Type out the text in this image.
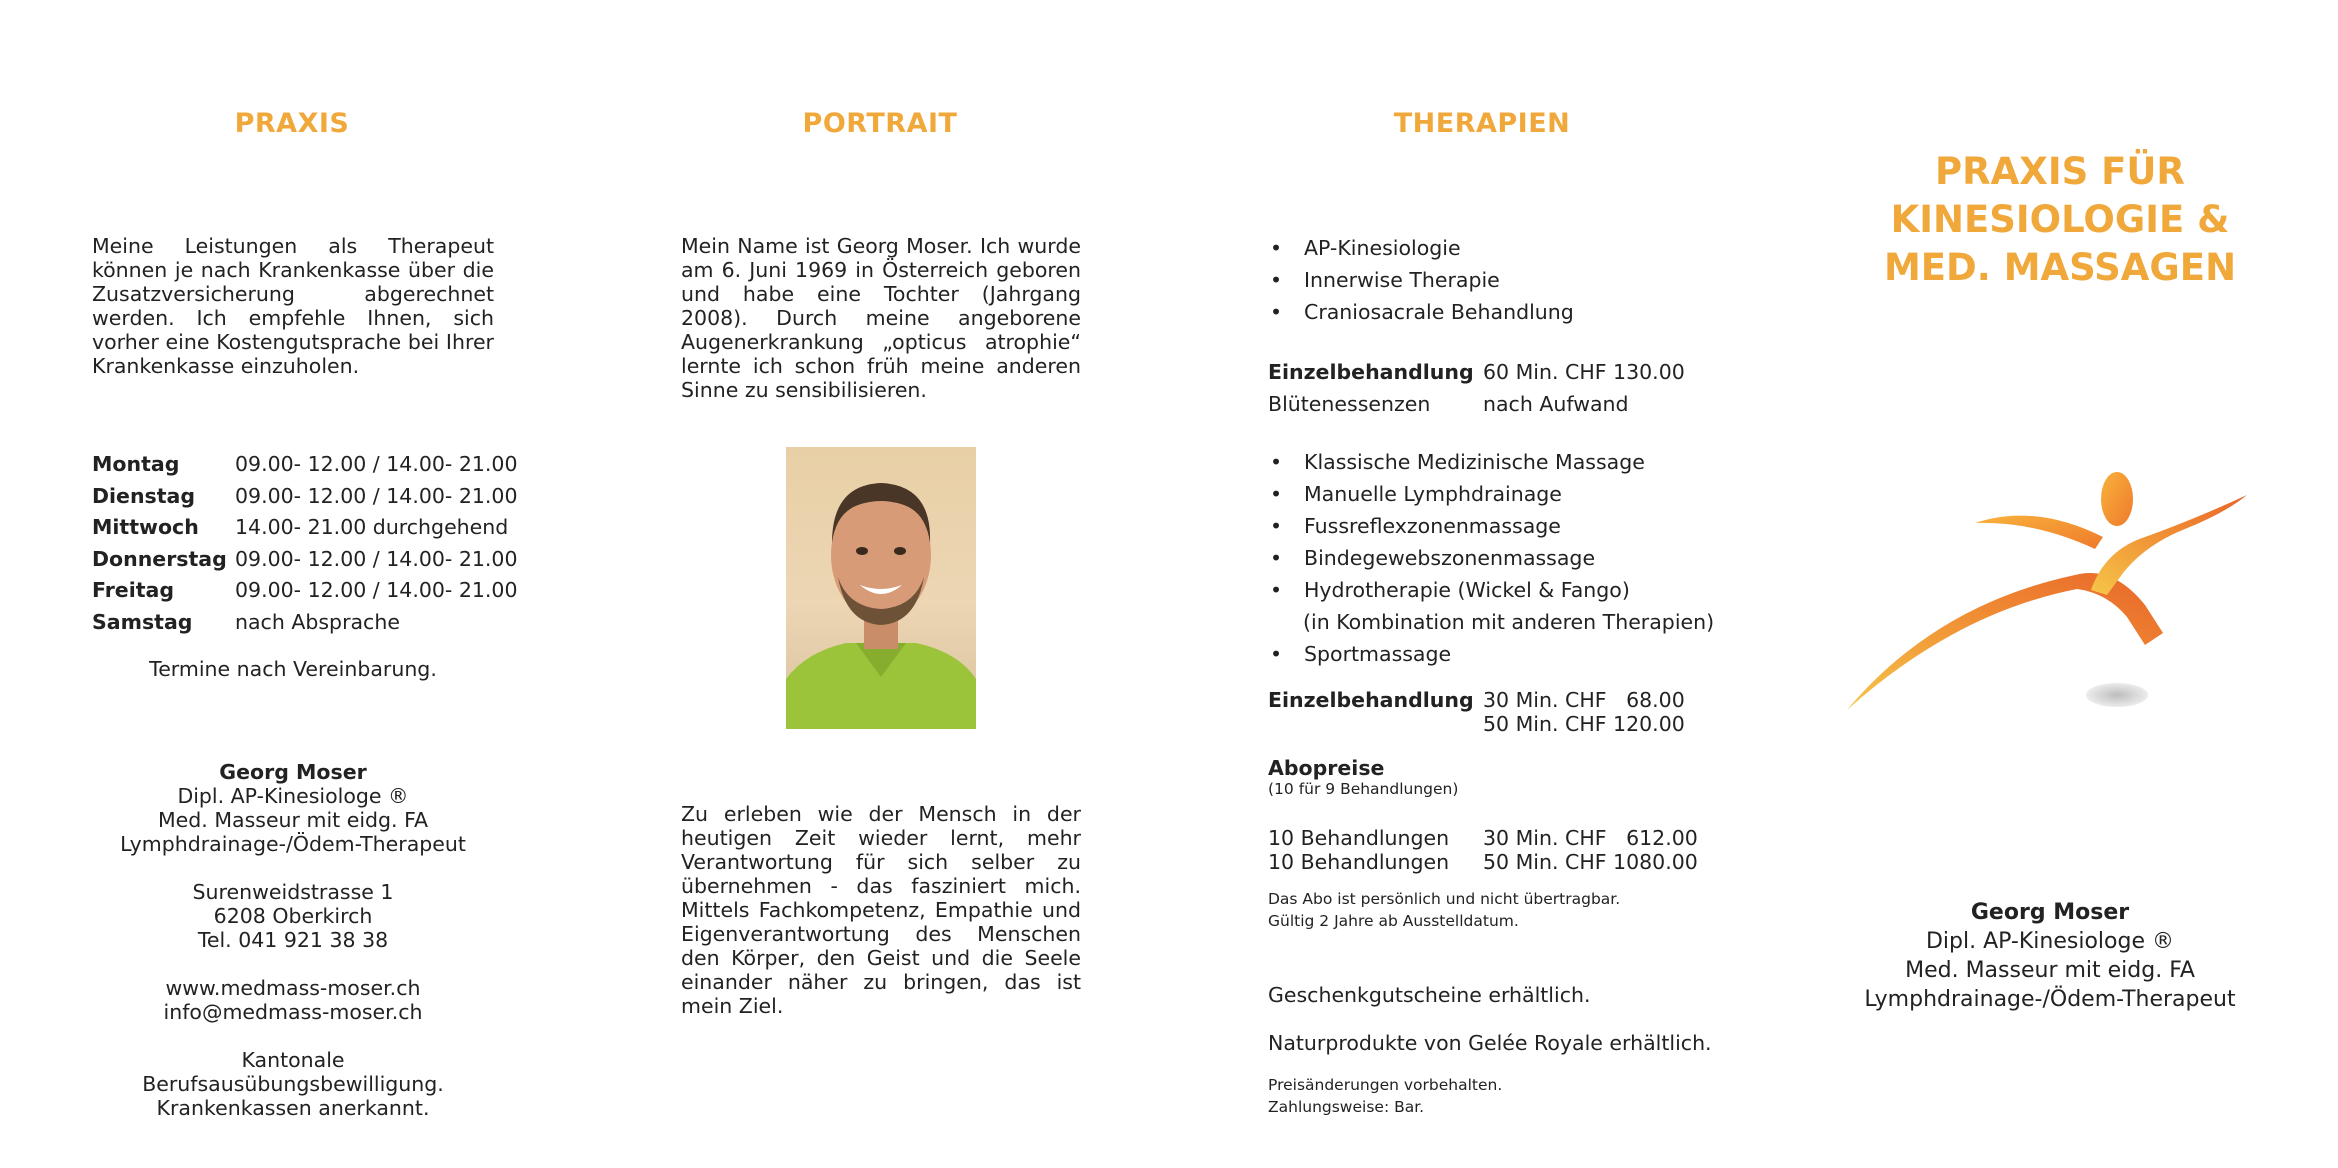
PRAXIS
Meine Leistungen als Therapeut können je nach Krankenkasse über die Zusatzversicherung abgerechnet werden. Ich empfehle Ihnen, sich vorher eine Kostengutsprache bei Ihrer Krankenkasse einzuholen.
Montag	09.00- 12.00 / 14.00- 21.00
Dienstag	09.00- 12.00 / 14.00- 21.00
Mittwoch	14.00- 21.00 durchgehend
Donnerstag 09.00- 12.00 / 14.00- 21.00
Freitag	09.00- 12.00 / 14.00- 21.00
Samstag	nach Absprache
Termine nach Vereinbarung.
Georg Moser
Dipl. AP-Kinesiologe ®
Med. Masseur mit eidg. FA
Lymphdrainage-/Ödem-Therapeut
Surenweidstrasse 1
6208 Oberkirch
Tel. 041 921 38 38
www.medmass-moser.ch
info@medmass-moser.ch
Kantonale Berufsausübungsbewilligung.
Krankenkassen anerkannt.
PORTRAIT
Mein Name ist Georg Moser. Ich wurde am 6. Juni 1969 in Österreich geboren und habe eine Tochter (Jahrgang 2008). Durch meine angeborene Augenerkrankung „opticus atrophie“ lernte ich schon früh meine anderen Sinne zu sensibilisieren.
Zu erleben wie der Mensch in der heutigen Zeit wieder lernt, mehr Verantwortung für sich selber zu übernehmen - das fasziniert mich. Mittels Fachkompetenz, Empathie und Eigenverantwortung des Menschen den Körper, den Geist und die Seele einander näher zu bringen, das ist mein Ziel.
THERAPIEN
• AP-Kinesiologie
• Innerwise Therapie
• Craniosacrale Behandlung
Einzelbehandlung 60 Min. CHF 130.00
Blütenessenzen	nach Aufwand
• Klassische Medizinische Massage
• Manuelle Lymphdrainage
• Fussreflexzonenmassage
• Bindegewebszonenmassage
• Hydrotherapie (Wickel & Fango)
(in Kombination mit anderen Therapien)
• Sportmassage
Einzelbehandlung 30 Min. CHF   68.00
50 Min. CHF 120.00
Abopreise
(10 für 9 Behandlungen)
10 Behandlungen	30 Min. CHF   612.00
10 Behandlungen	50 Min. CHF 1080.00
Das Abo ist persönlich und nicht übertragbar.
Gültig 2 Jahre ab Ausstelldatum.
Geschenkgutscheine erhältlich.
Naturprodukte von Gelée Royale erhältlich.
Preisänderungen vorbehalten.
Zahlungsweise: Bar.
PRAXIS FÜR
KINESIOLOGIE &
MED. MASSAGEN
Georg Moser
Dipl. AP-Kinesiologe ®
Med. Masseur mit eidg. FA
Lymphdrainage-/Ödem-Therapeut
